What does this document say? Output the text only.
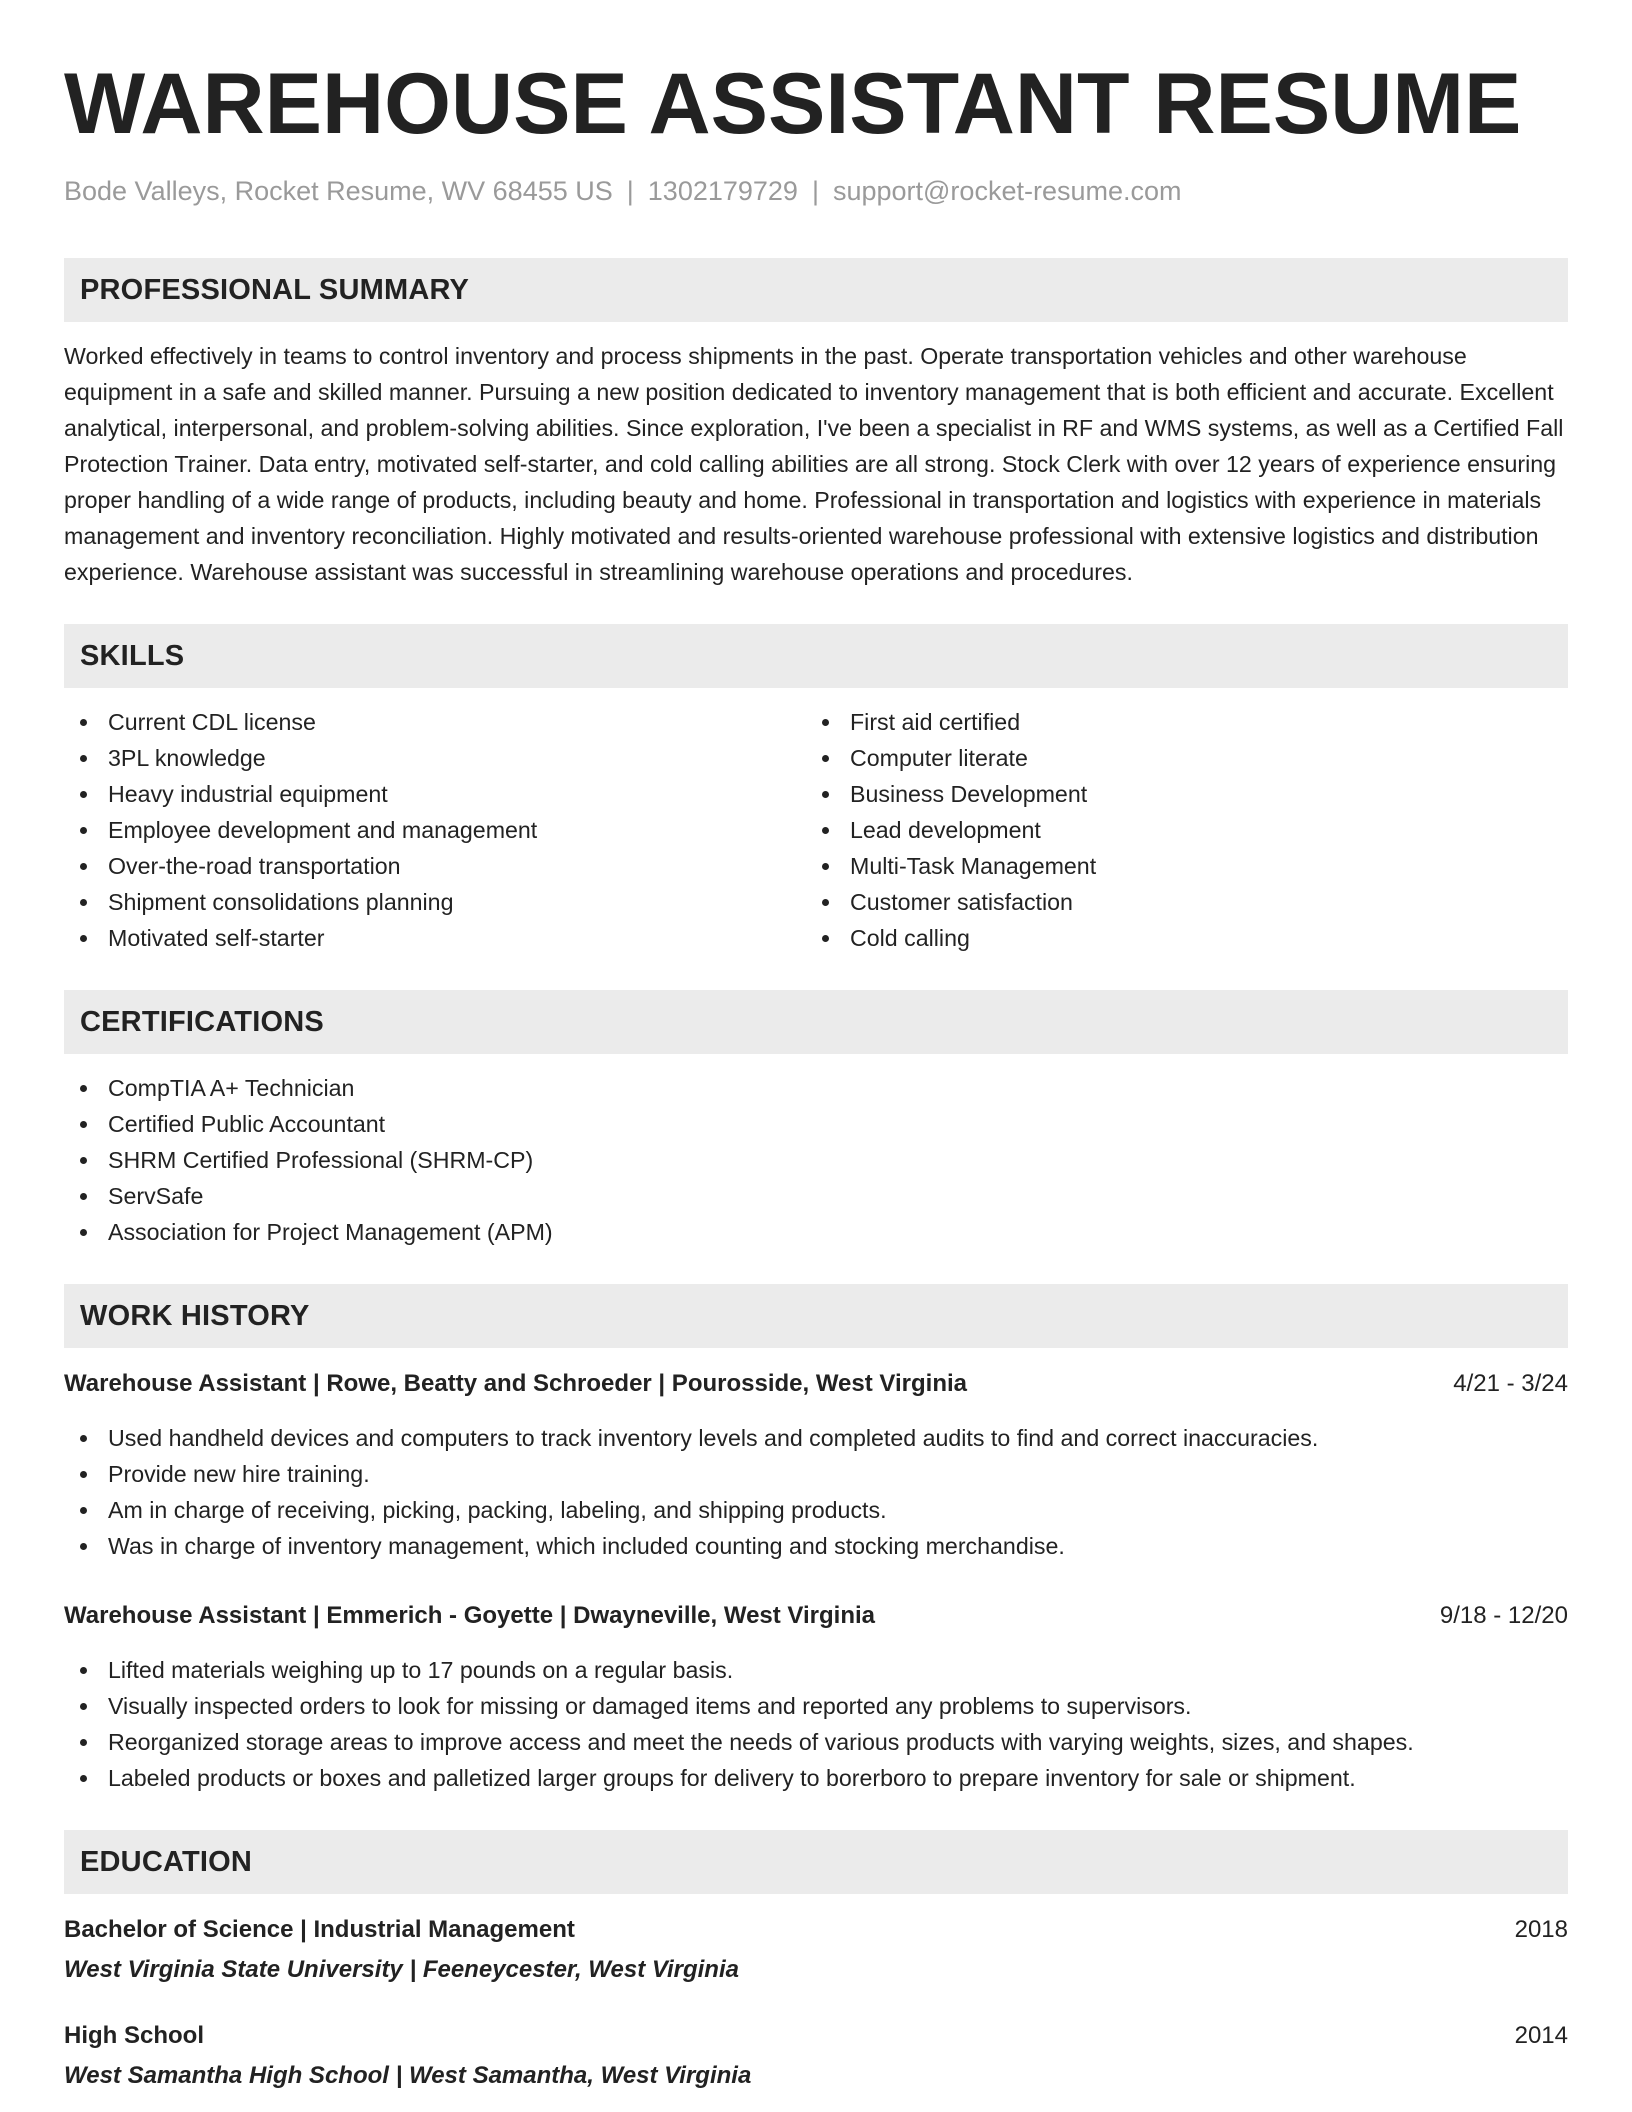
WAREHOUSE ASSISTANT RESUME
Bode Valleys, Rocket Resume, WV 68455 US | 1302179729 | support@rocket-resume.com
PROFESSIONAL SUMMARY
Worked effectively in teams to control inventory and process shipments in the past. Operate transportation vehicles and other warehouse equipment in a safe and skilled manner. Pursuing a new position dedicated to inventory management that is both efficient and accurate. Excellent analytical, interpersonal, and problem-solving abilities. Since exploration, I've been a specialist in RF and WMS systems, as well as a Certified Fall Protection Trainer. Data entry, motivated self-starter, and cold calling abilities are all strong. Stock Clerk with over 12 years of experience ensuring proper handling of a wide range of products, including beauty and home. Professional in transportation and logistics with experience in materials management and inventory reconciliation. Highly motivated and results-oriented warehouse professional with extensive logistics and distribution experience. Warehouse assistant was successful in streamlining warehouse operations and procedures.
SKILLS
Current CDL license
3PL knowledge
Heavy industrial equipment
Employee development and management
Over-the-road transportation
Shipment consolidations planning
Motivated self-starter
First aid certified
Computer literate
Business Development
Lead development
Multi-Task Management
Customer satisfaction
Cold calling
CERTIFICATIONS
CompTIA A+ Technician
Certified Public Accountant
SHRM Certified Professional (SHRM-CP)
ServSafe
Association for Project Management (APM)
WORK HISTORY
Warehouse Assistant | Rowe, Beatty and Schroeder | Pourosside, West Virginia	4/21 - 3/24
Used handheld devices and computers to track inventory levels and completed audits to find and correct inaccuracies.
Provide new hire training.
Am in charge of receiving, picking, packing, labeling, and shipping products.
Was in charge of inventory management, which included counting and stocking merchandise.
Warehouse Assistant | Emmerich - Goyette | Dwayneville, West Virginia	9/18 - 12/20
Lifted materials weighing up to 17 pounds on a regular basis.
Visually inspected orders to look for missing or damaged items and reported any problems to supervisors.
Reorganized storage areas to improve access and meet the needs of various products with varying weights, sizes, and shapes.
Labeled products or boxes and palletized larger groups for delivery to borerboro to prepare inventory for sale or shipment.
EDUCATION
Bachelor of Science | Industrial Management	2018
West Virginia State University | Feeneycester, West Virginia
High School	2014
West Samantha High School | West Samantha, West Virginia
